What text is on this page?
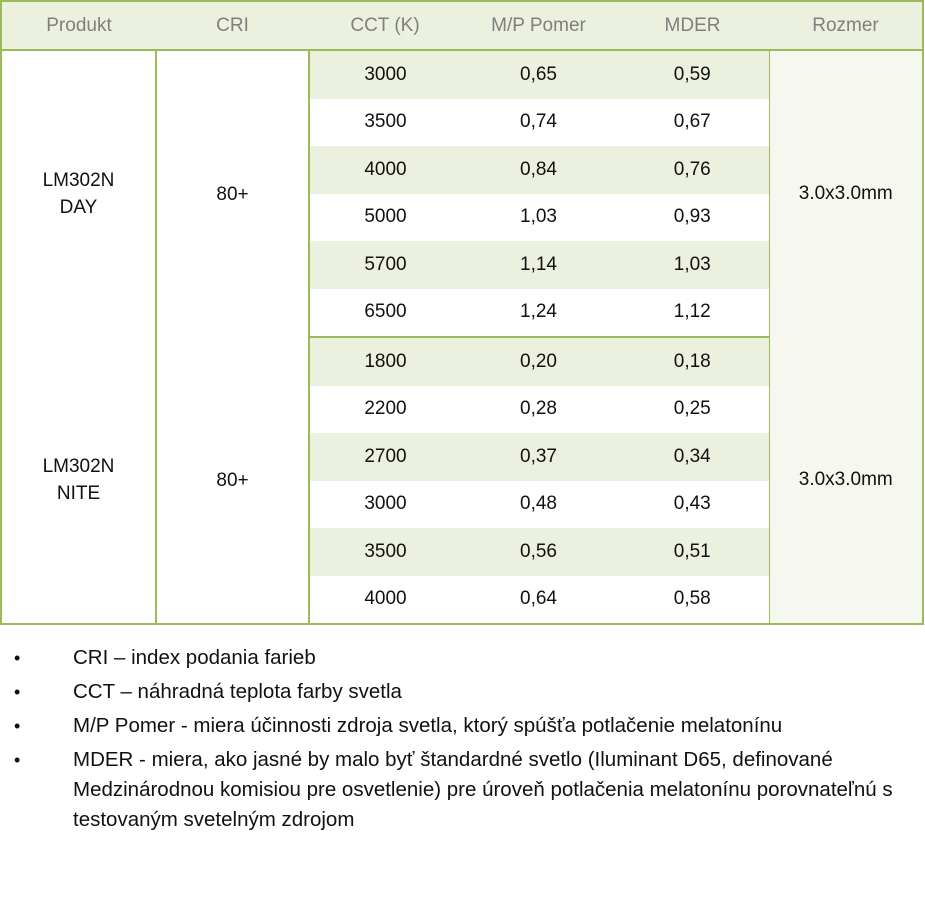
Produkt	CRI	CCT (K)	M/P Pomer	MDER	Rozmer
LM302N
DAY	80+	3000	0,65	0,59	3.0x3.0mm
		3500	0,74	0,67	
		4000	0,84	0,76	
		5000	1,03	0,93	
		5700	1,14	1,03	
		6500	1,24	1,12	
LM302N
NITE	80+	1800	0,20	0,18	3.0x3.0mm
		2200	0,28	0,25	
		2700	0,37	0,34	
		3000	0,48	0,43	
		3500	0,56	0,51	
		4000	0,64	0,58	
•	CRI – index podania farieb
•	CCT – náhradná teplota farby svetla
•	M/P Pomer - miera účinnosti zdroja svetla, ktorý spúšťa potlačenie melatonínu
•	MDER - miera, ako jasné by malo byť štandardné svetlo (Iluminant D65, definované Medzinárodnou komisiou pre osvetlenie) pre úroveň potlačenia melatonínu porovnateľnú s testovaným svetelným zdrojom
